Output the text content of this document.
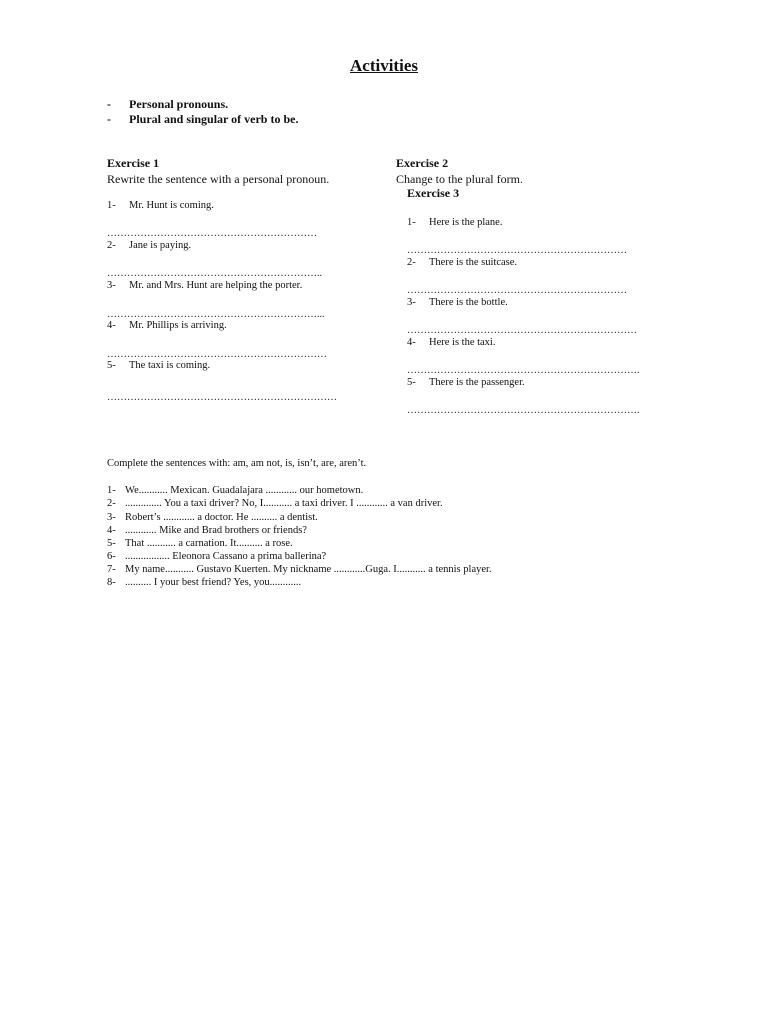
Activities
- Personal pronouns.
- Plural and singular of verb to be.
Exercise 1
Rewrite the sentence with a personal pronoun.
1- Mr. Hunt is coming.
………………………………………………………
2- Jane is paying.
………………………………………………………..
3- Mr. and Mrs. Hunt are helping the porter.
………………………………………………………...
4- Mr. Phillips is arriving.
…………………………………………………………
5- The taxi is coming.
……………………………………………………………
Exercise 2
Change to the plural form.
Exercise 3
1- Here is the plane.
…………………………………………………………
2- There is the suitcase.
…………………………………………………………
3- There is the bottle.
……………………………………………………………
4- Here is the taxi.
…………………………………………………………….
5- There is the passenger.
…………………………………………………………….
Complete the sentences with: am, am not, is, isn’t, are, aren’t.
1- We........... Mexican. Guadalajara ............ our hometown.
2- .............. You a taxi driver? No, I........... a taxi driver. I ............ a van driver.
3- Robert’s ............ a doctor. He .......... a dentist.
4- ............ Mike and Brad brothers or friends?
5- That ........... a carnation. It.......... a rose.
6- ................. Eleonora Cassano a prima ballerina?
7- My name........... Gustavo Kuerten. My nickname ............Guga. I........... a tennis player.
8- .......... I your best friend? Yes, you............
